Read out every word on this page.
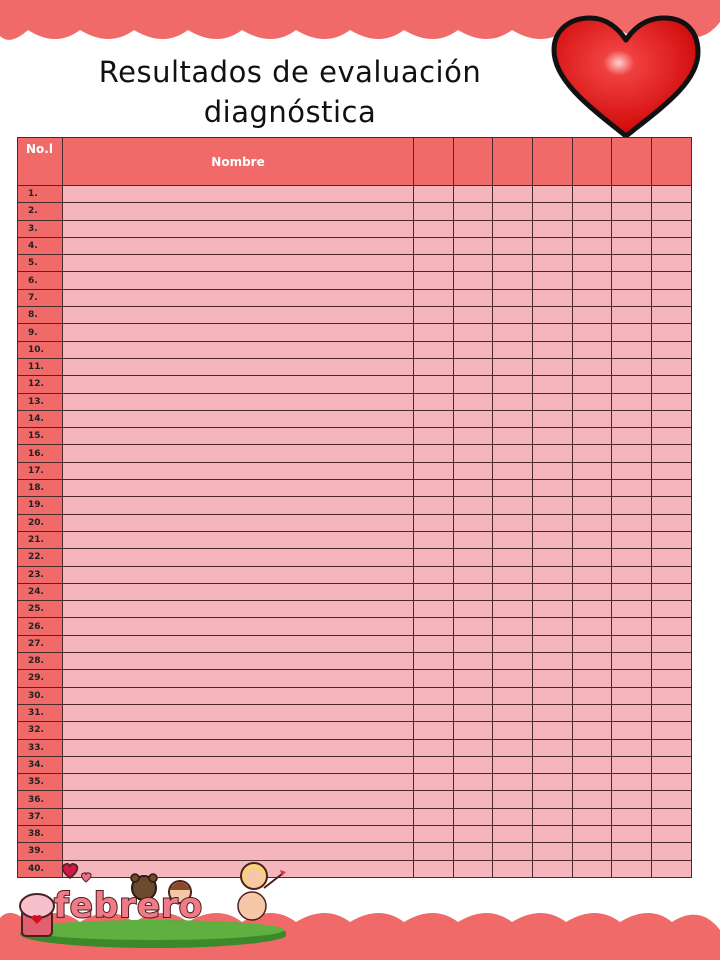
Resultados de evaluación
diagnóstica
No.l	Nombre							
1.								
2.								
3.								
4.								
5.								
6.								
7.								
8.								
9.								
10.								
11.								
12.								
13.								
14.								
15.								
16.								
17.								
18.								
19.								
20.								
21.								
22.								
23.								
24.								
25.								
26.								
27.								
28.								
29.								
30.								
31.								
32.								
33.								
34.								
35.								
36.								
37.								
38.								
39.								
40.								
febrero
